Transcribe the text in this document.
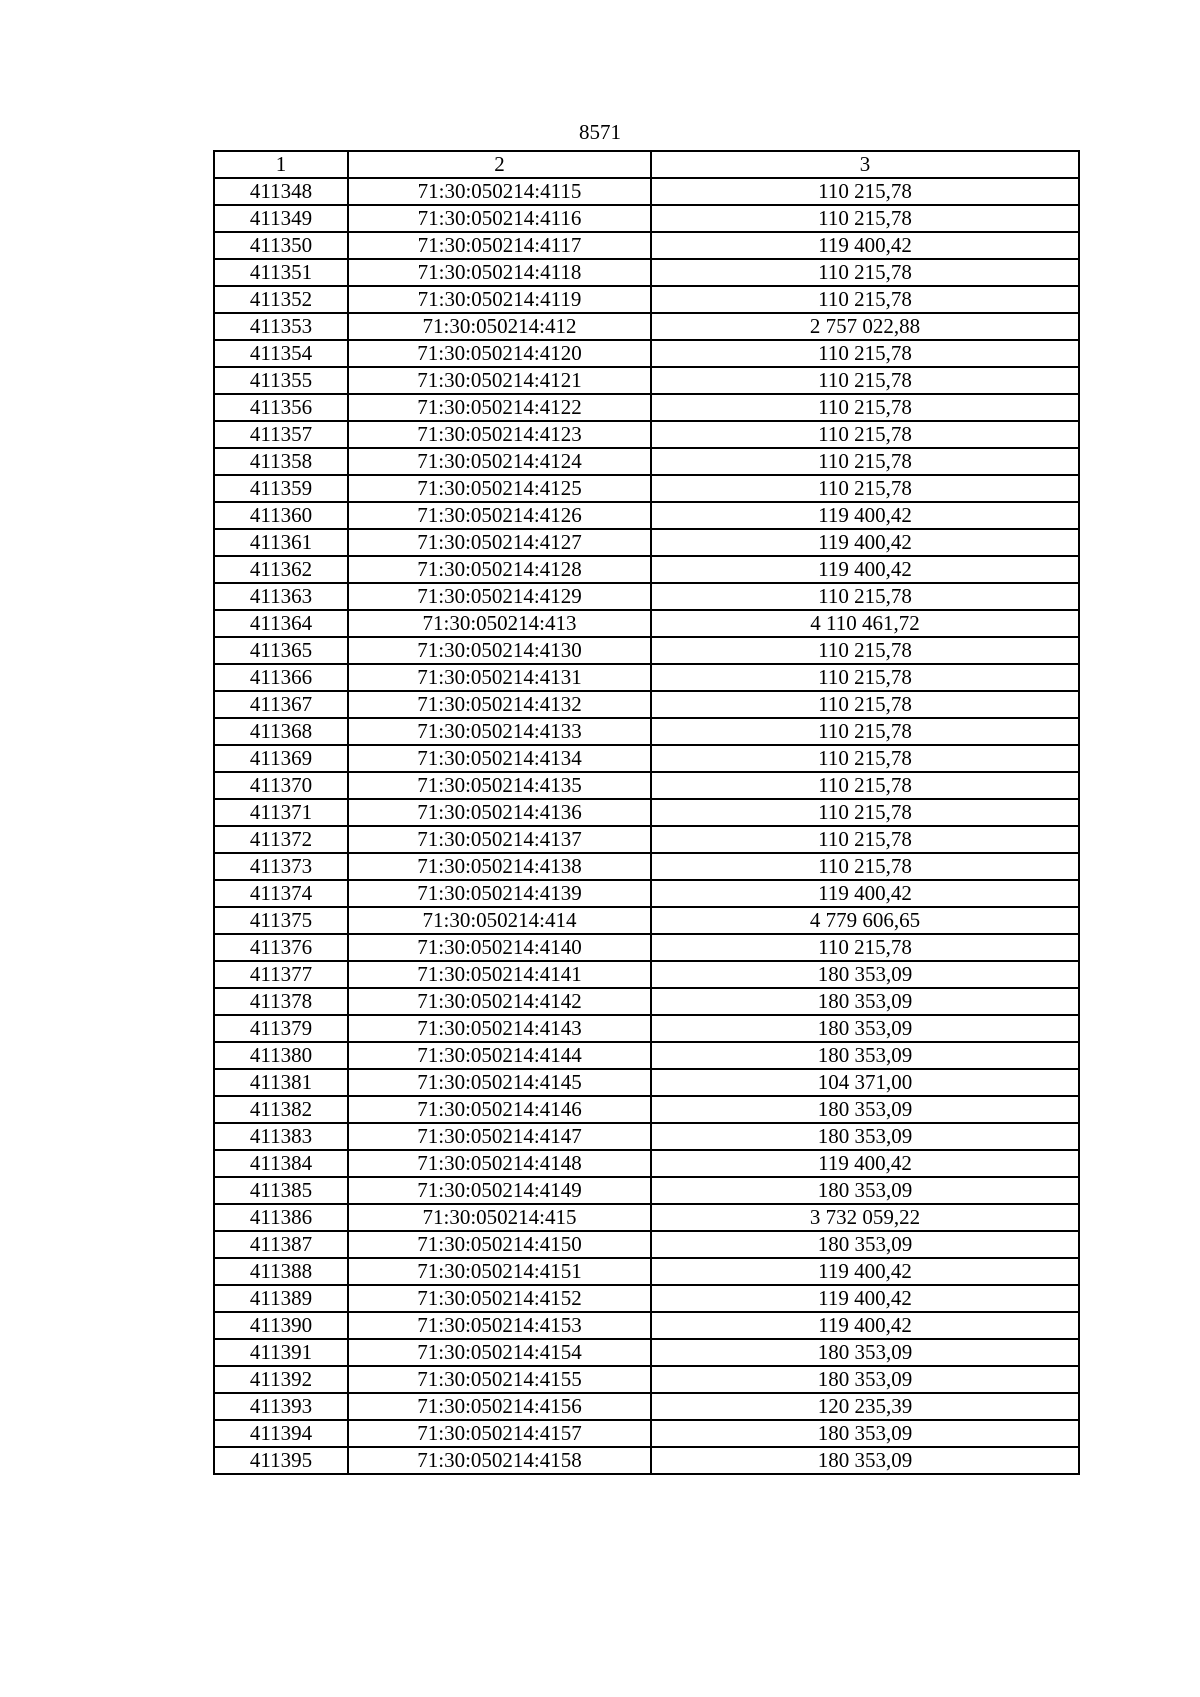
8571
1	2	3
411348	71:30:050214:4115	110 215,78
411349	71:30:050214:4116	110 215,78
411350	71:30:050214:4117	119 400,42
411351	71:30:050214:4118	110 215,78
411352	71:30:050214:4119	110 215,78
411353	71:30:050214:412	2 757 022,88
411354	71:30:050214:4120	110 215,78
411355	71:30:050214:4121	110 215,78
411356	71:30:050214:4122	110 215,78
411357	71:30:050214:4123	110 215,78
411358	71:30:050214:4124	110 215,78
411359	71:30:050214:4125	110 215,78
411360	71:30:050214:4126	119 400,42
411361	71:30:050214:4127	119 400,42
411362	71:30:050214:4128	119 400,42
411363	71:30:050214:4129	110 215,78
411364	71:30:050214:413	4 110 461,72
411365	71:30:050214:4130	110 215,78
411366	71:30:050214:4131	110 215,78
411367	71:30:050214:4132	110 215,78
411368	71:30:050214:4133	110 215,78
411369	71:30:050214:4134	110 215,78
411370	71:30:050214:4135	110 215,78
411371	71:30:050214:4136	110 215,78
411372	71:30:050214:4137	110 215,78
411373	71:30:050214:4138	110 215,78
411374	71:30:050214:4139	119 400,42
411375	71:30:050214:414	4 779 606,65
411376	71:30:050214:4140	110 215,78
411377	71:30:050214:4141	180 353,09
411378	71:30:050214:4142	180 353,09
411379	71:30:050214:4143	180 353,09
411380	71:30:050214:4144	180 353,09
411381	71:30:050214:4145	104 371,00
411382	71:30:050214:4146	180 353,09
411383	71:30:050214:4147	180 353,09
411384	71:30:050214:4148	119 400,42
411385	71:30:050214:4149	180 353,09
411386	71:30:050214:415	3 732 059,22
411387	71:30:050214:4150	180 353,09
411388	71:30:050214:4151	119 400,42
411389	71:30:050214:4152	119 400,42
411390	71:30:050214:4153	119 400,42
411391	71:30:050214:4154	180 353,09
411392	71:30:050214:4155	180 353,09
411393	71:30:050214:4156	120 235,39
411394	71:30:050214:4157	180 353,09
411395	71:30:050214:4158	180 353,09
